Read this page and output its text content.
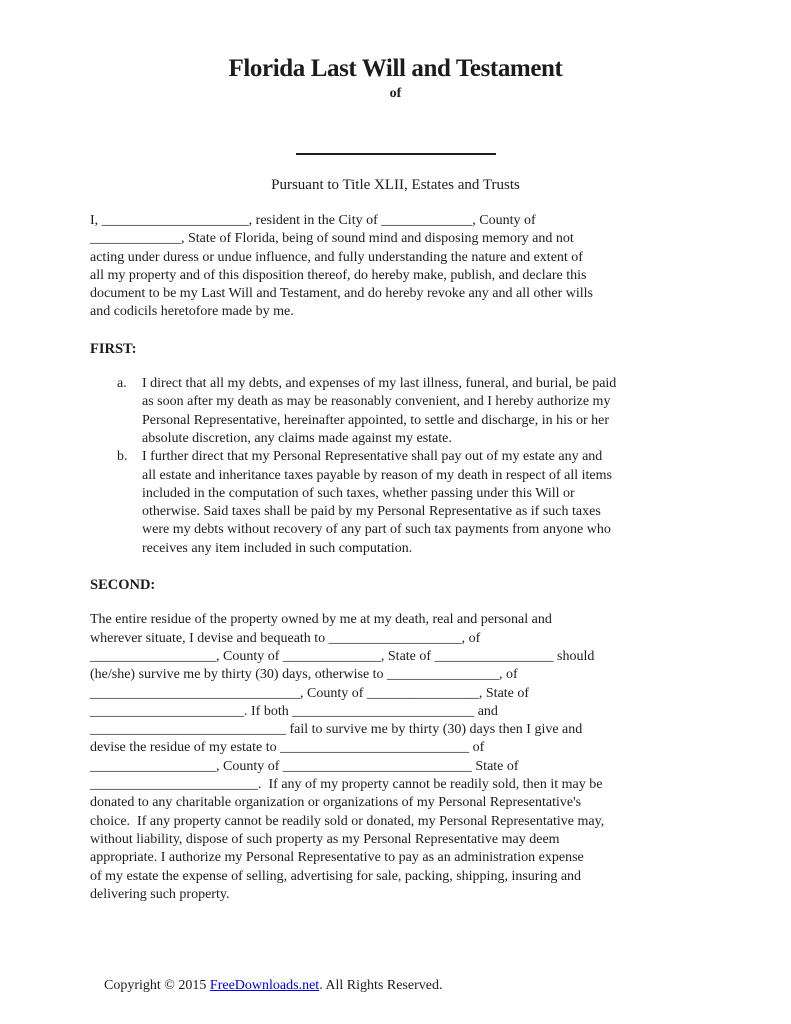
Florida Last Will and Testament
of
Pursuant to Title XLII, Estates and Trusts
I, _____________________, resident in the City of _____________, County of
_____________, State of Florida, being of sound mind and disposing memory and not
acting under duress or undue influence, and fully understanding the nature and extent of
all my property and of this disposition thereof, do hereby make, publish, and declare this
document to be my Last Will and Testament, and do hereby revoke any and all other wills
and codicils heretofore made by me.
FIRST:
a.	I direct that all my debts, and expenses of my last illness, funeral, and burial, be paid
as soon after my death as may be reasonably convenient, and I hereby authorize my
Personal Representative, hereinafter appointed, to settle and discharge, in his or her
absolute discretion, any claims made against my estate.
b.	I further direct that my Personal Representative shall pay out of my estate any and
all estate and inheritance taxes payable by reason of my death in respect of all items
included in the computation of such taxes, whether passing under this Will or
otherwise. Said taxes shall be paid by my Personal Representative as if such taxes
were my debts without recovery of any part of such tax payments from anyone who
receives any item included in such computation.
SECOND:
The entire residue of the property owned by me at my death, real and personal and
wherever situate, I devise and bequeath to ___________________, of
__________________, County of ______________, State of _________________ should
(he/she) survive me by thirty (30) days, otherwise to ________________, of
______________________________, County of ________________, State of
______________________. If both __________________________ and
____________________________ fail to survive me by thirty (30) days then I give and
devise the residue of my estate to ___________________________ of
__________________, County of ___________________________ State of
________________________.  If any of my property cannot be readily sold, then it may be
donated to any charitable organization or organizations of my Personal Representative's
choice.  If any property cannot be readily sold or donated, my Personal Representative may,
without liability, dispose of such property as my Personal Representative may deem
appropriate. I authorize my Personal Representative to pay as an administration expense
of my estate the expense of selling, advertising for sale, packing, shipping, insuring and
delivering such property.

Copyright © 2015 FreeDownloads.net. All Rights Reserved.
